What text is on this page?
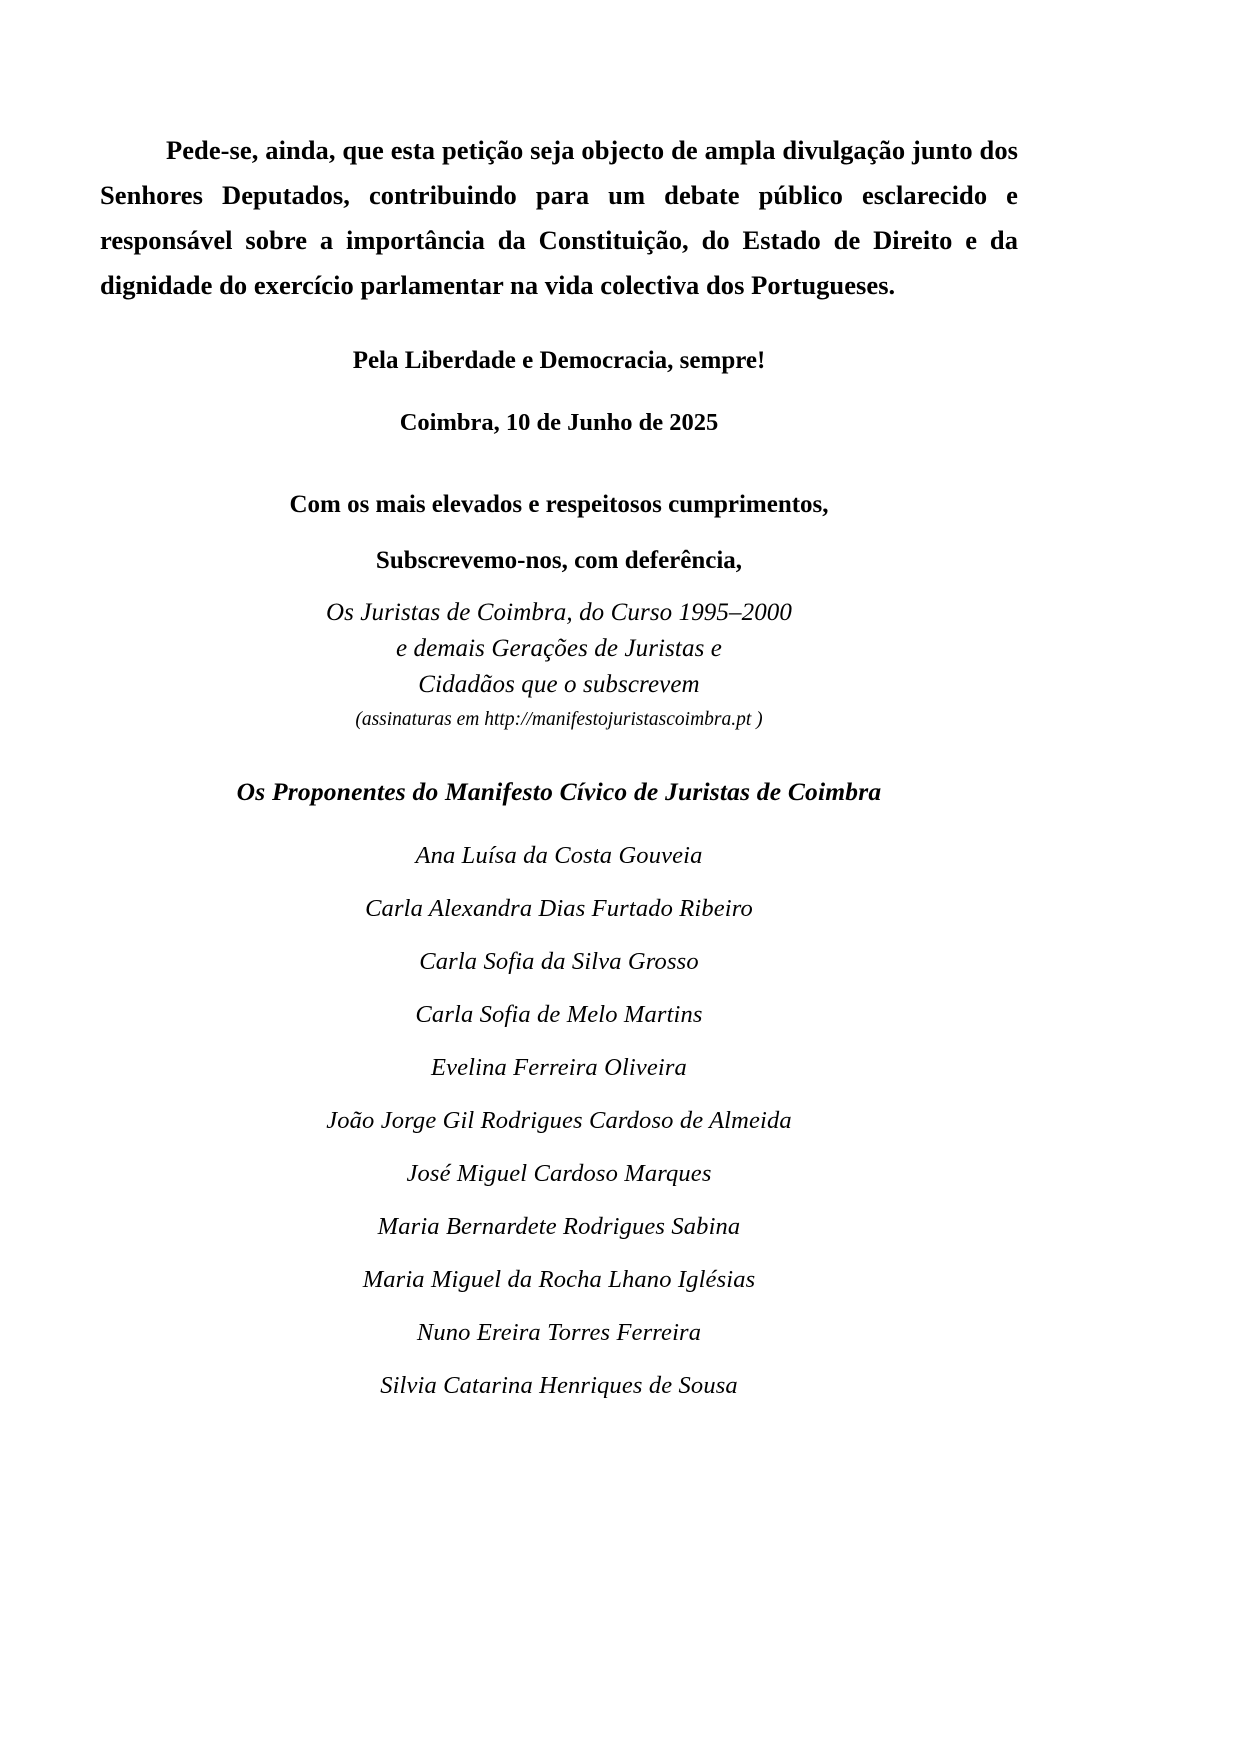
Pede-se, ainda, que esta petição seja objecto de ampla divulgação junto dos Senhores Deputados, contribuindo para um debate público esclarecido e responsável sobre a importância da Constituição, do Estado de Direito e da dignidade do exercício parlamentar na vida colectiva dos Portugueses.

Pela Liberdade e Democracia, sempre!

Coimbra, 10 de Junho de 2025

Com os mais elevados e respeitosos cumprimentos,

Subscrevemo-nos, com deferência,

Os Juristas de Coimbra, do Curso 1995–2000

e demais Gerações de Juristas e

Cidadãos que o subscrevem

(assinaturas em http://manifestojuristascoimbra.pt )

Os Proponentes do Manifesto Cívico de Juristas de Coimbra

Ana Luísa da Costa Gouveia
Carla Alexandra Dias Furtado Ribeiro
Carla Sofia da Silva Grosso
Carla Sofia de Melo Martins
Evelina Ferreira Oliveira
João Jorge Gil Rodrigues Cardoso de Almeida
José Miguel Cardoso Marques
Maria Bernardete Rodrigues Sabina
Maria Miguel da Rocha Lhano Iglésias
Nuno Ereira Torres Ferreira
Silvia Catarina Henriques de Sousa
